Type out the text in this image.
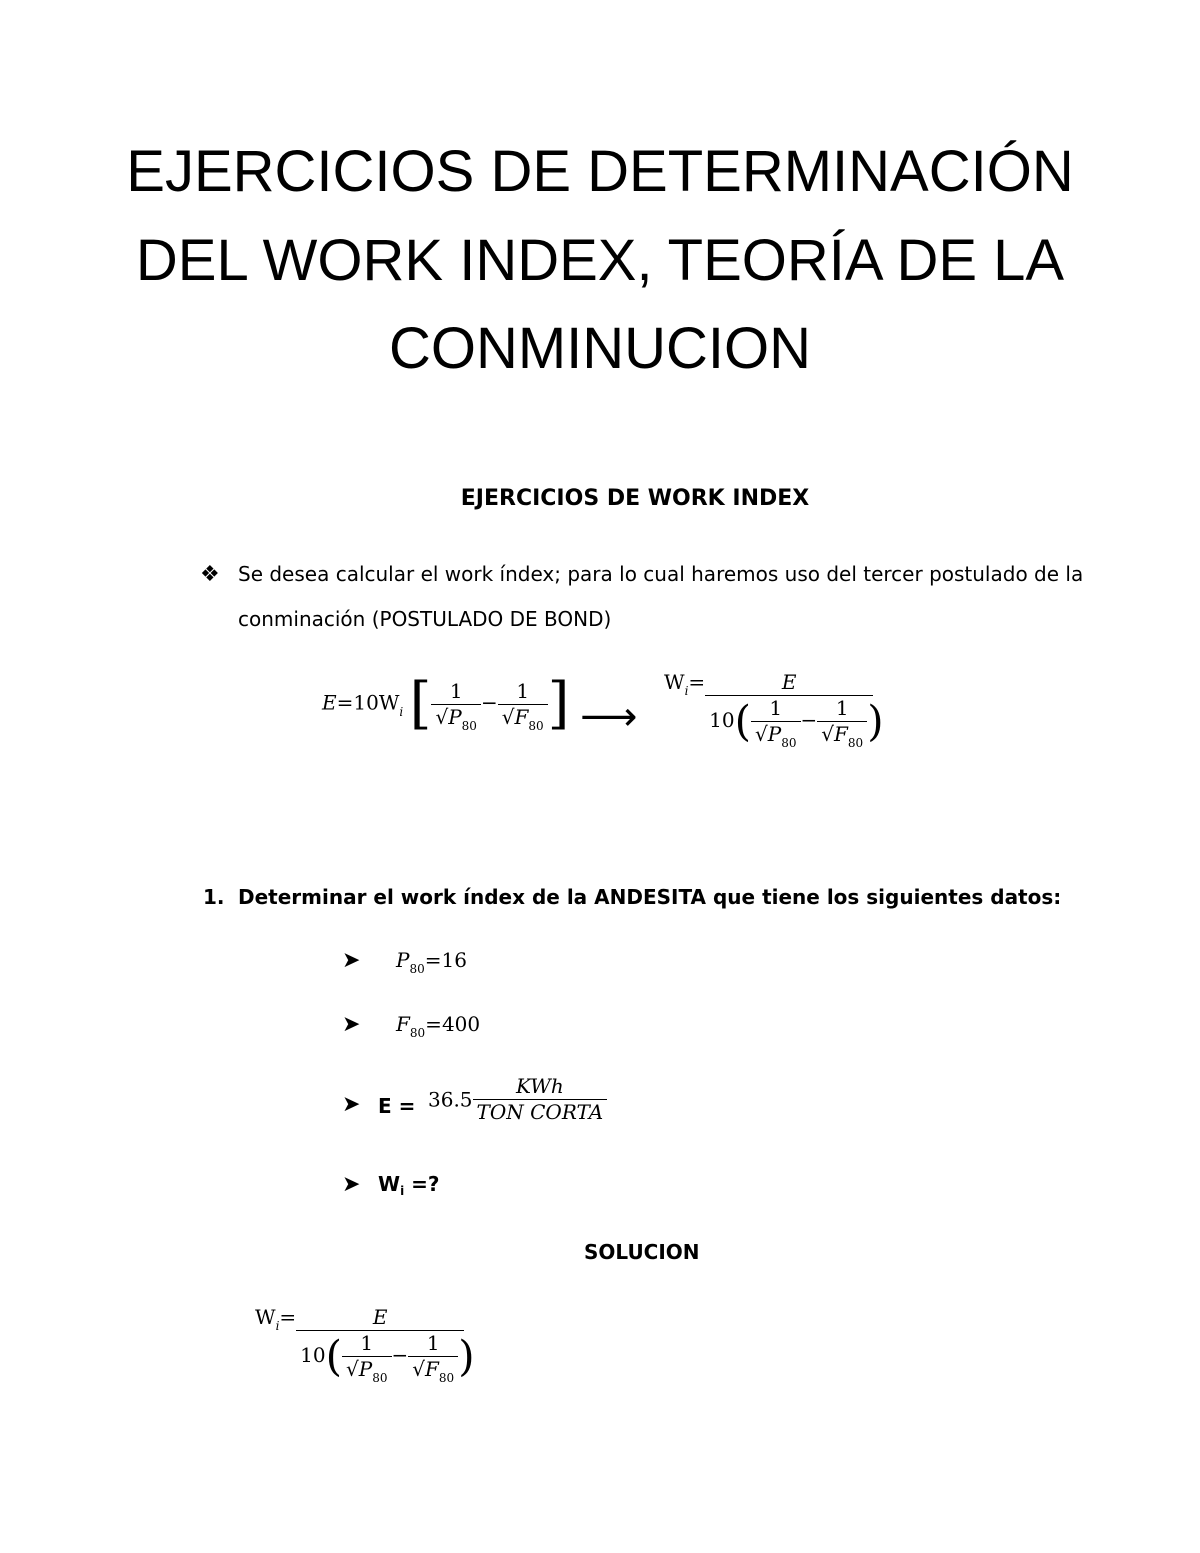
EJERCICIOS DE DETERMINACIÓN
DEL WORK INDEX, TEORÍA DE LA
CONMINUCION
EJERCICIOS DE WORK INDEX
❖ Se desea calcular el work índex; para lo cual haremos uso del tercer postulado de la
conminación (POSTULADO DE BOND)
$E=10W_i$ [ $\frac{1}{√P_{80}} - \frac{1}{√F_{80}}$ ] ⟶
$W_i= \frac{E}{10( \frac{1}{√P_{80}} - \frac{1}{√F_{80}} )}$
1. Determinar el work índex de la ANDESITA que tiene los siguientes datos:
➤ $P_{80}=16$
➤ $F_{80}=400$
➤ $E = 36.5 \frac{\text{KWh}}{\text{TON CORTA}}$
➤ $W_i$ =?
SOLUCION
$W_i= \frac{E}{10( \frac{1}{√P_{80}} - \frac{1}{√F_{80}} )}$
